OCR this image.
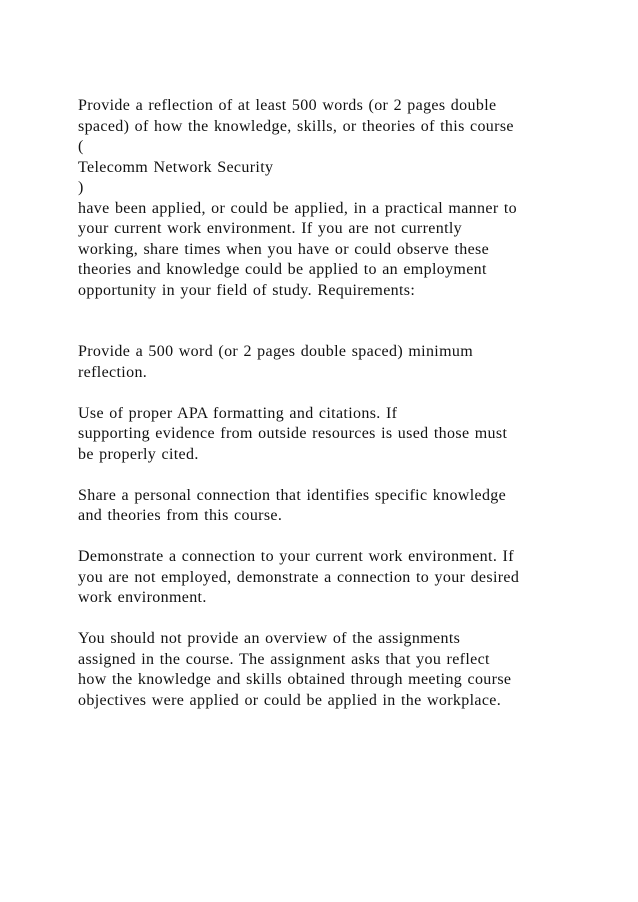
Provide a reflection of at least 500 words (or 2 pages double
spaced) of how the knowledge, skills, or theories of this course
(
Telecomm Network Security
)
have been applied, or could be applied, in a practical manner to
your current work environment. If you are not currently
working, share times when you have or could observe these
theories and knowledge could be applied to an employment
opportunity in your field of study. Requirements:
Provide a 500 word (or 2 pages double spaced) minimum
reflection.
Use of proper APA formatting and citations. If
supporting evidence from outside resources is used those must
be properly cited.
Share a personal connection that identifies specific knowledge
and theories from this course.
Demonstrate a connection to your current work environment. If
you are not employed, demonstrate a connection to your desired
work environment.
You should not provide an overview of the assignments
assigned in the course. The assignment asks that you reflect
how the knowledge and skills obtained through meeting course
objectives were applied or could be applied in the workplace.
